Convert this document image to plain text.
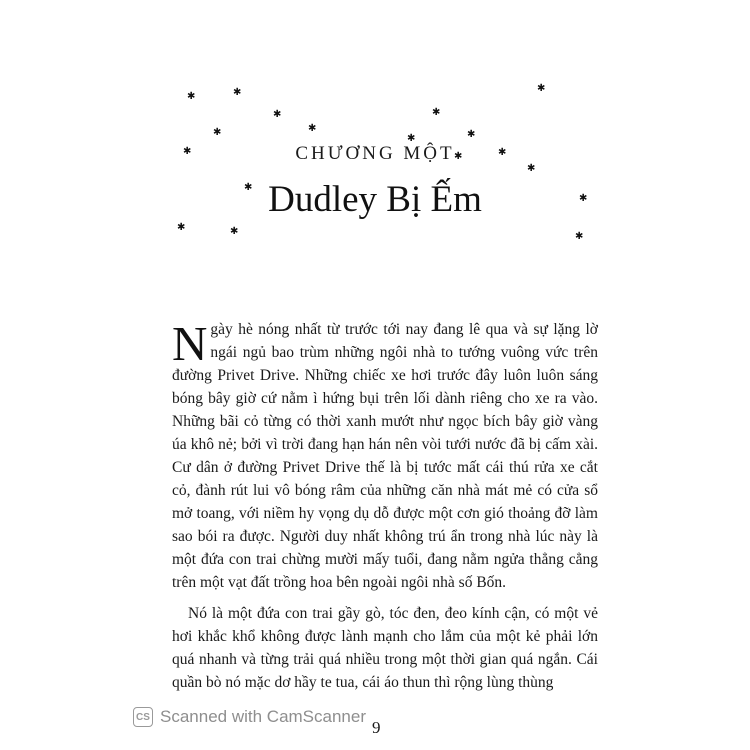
✱	✱
✱
✱	✱
✱
✱
✱
✱
✱	✱
✱
✱
✱
✱
✱	✱	✱
CHƯƠNG MỘT
Dudley Bị Ếm

Ngày hè nóng nhất từ trước tới nay đang lê qua và sự lặng lờ ngái ngủ bao trùm những ngôi nhà to tướng vuông vức trên đường Privet Drive. Những chiếc xe hơi trước đây luôn luôn sáng bóng bây giờ cứ nằm ì hứng bụi trên lối dành riêng cho xe ra vào. Những bãi cỏ từng có thời xanh mướt như ngọc bích bây giờ vàng úa khô nẻ; bởi vì trời đang hạn hán nên vòi tưới nước đã bị cấm xài. Cư dân ở đường Privet Drive thế là bị tước mất cái thú rửa xe cắt cỏ, đành rút lui vô bóng râm của những căn nhà mát mẻ có cửa sổ mở toang, với niềm hy vọng dụ dỗ được một cơn gió thoảng đỡ làm sao bói ra được. Người duy nhất không trú ẩn trong nhà lúc này là một đứa con trai chừng mười mấy tuổi, đang nằm ngửa thẳng cẳng trên một vạt đất trồng hoa bên ngoài ngôi nhà số Bốn.

Nó là một đứa con trai gầy gò, tóc đen, đeo kính cận, có một vẻ hơi khắc khổ không được lành mạnh cho lắm của một kẻ phải lớn quá nhanh và từng trải quá nhiều trong một thời gian quá ngắn. Cái quần bò nó mặc dơ hầy te tua, cái áo thun thì rộng lùng thùng

CS Scanned with CamScanner
9
